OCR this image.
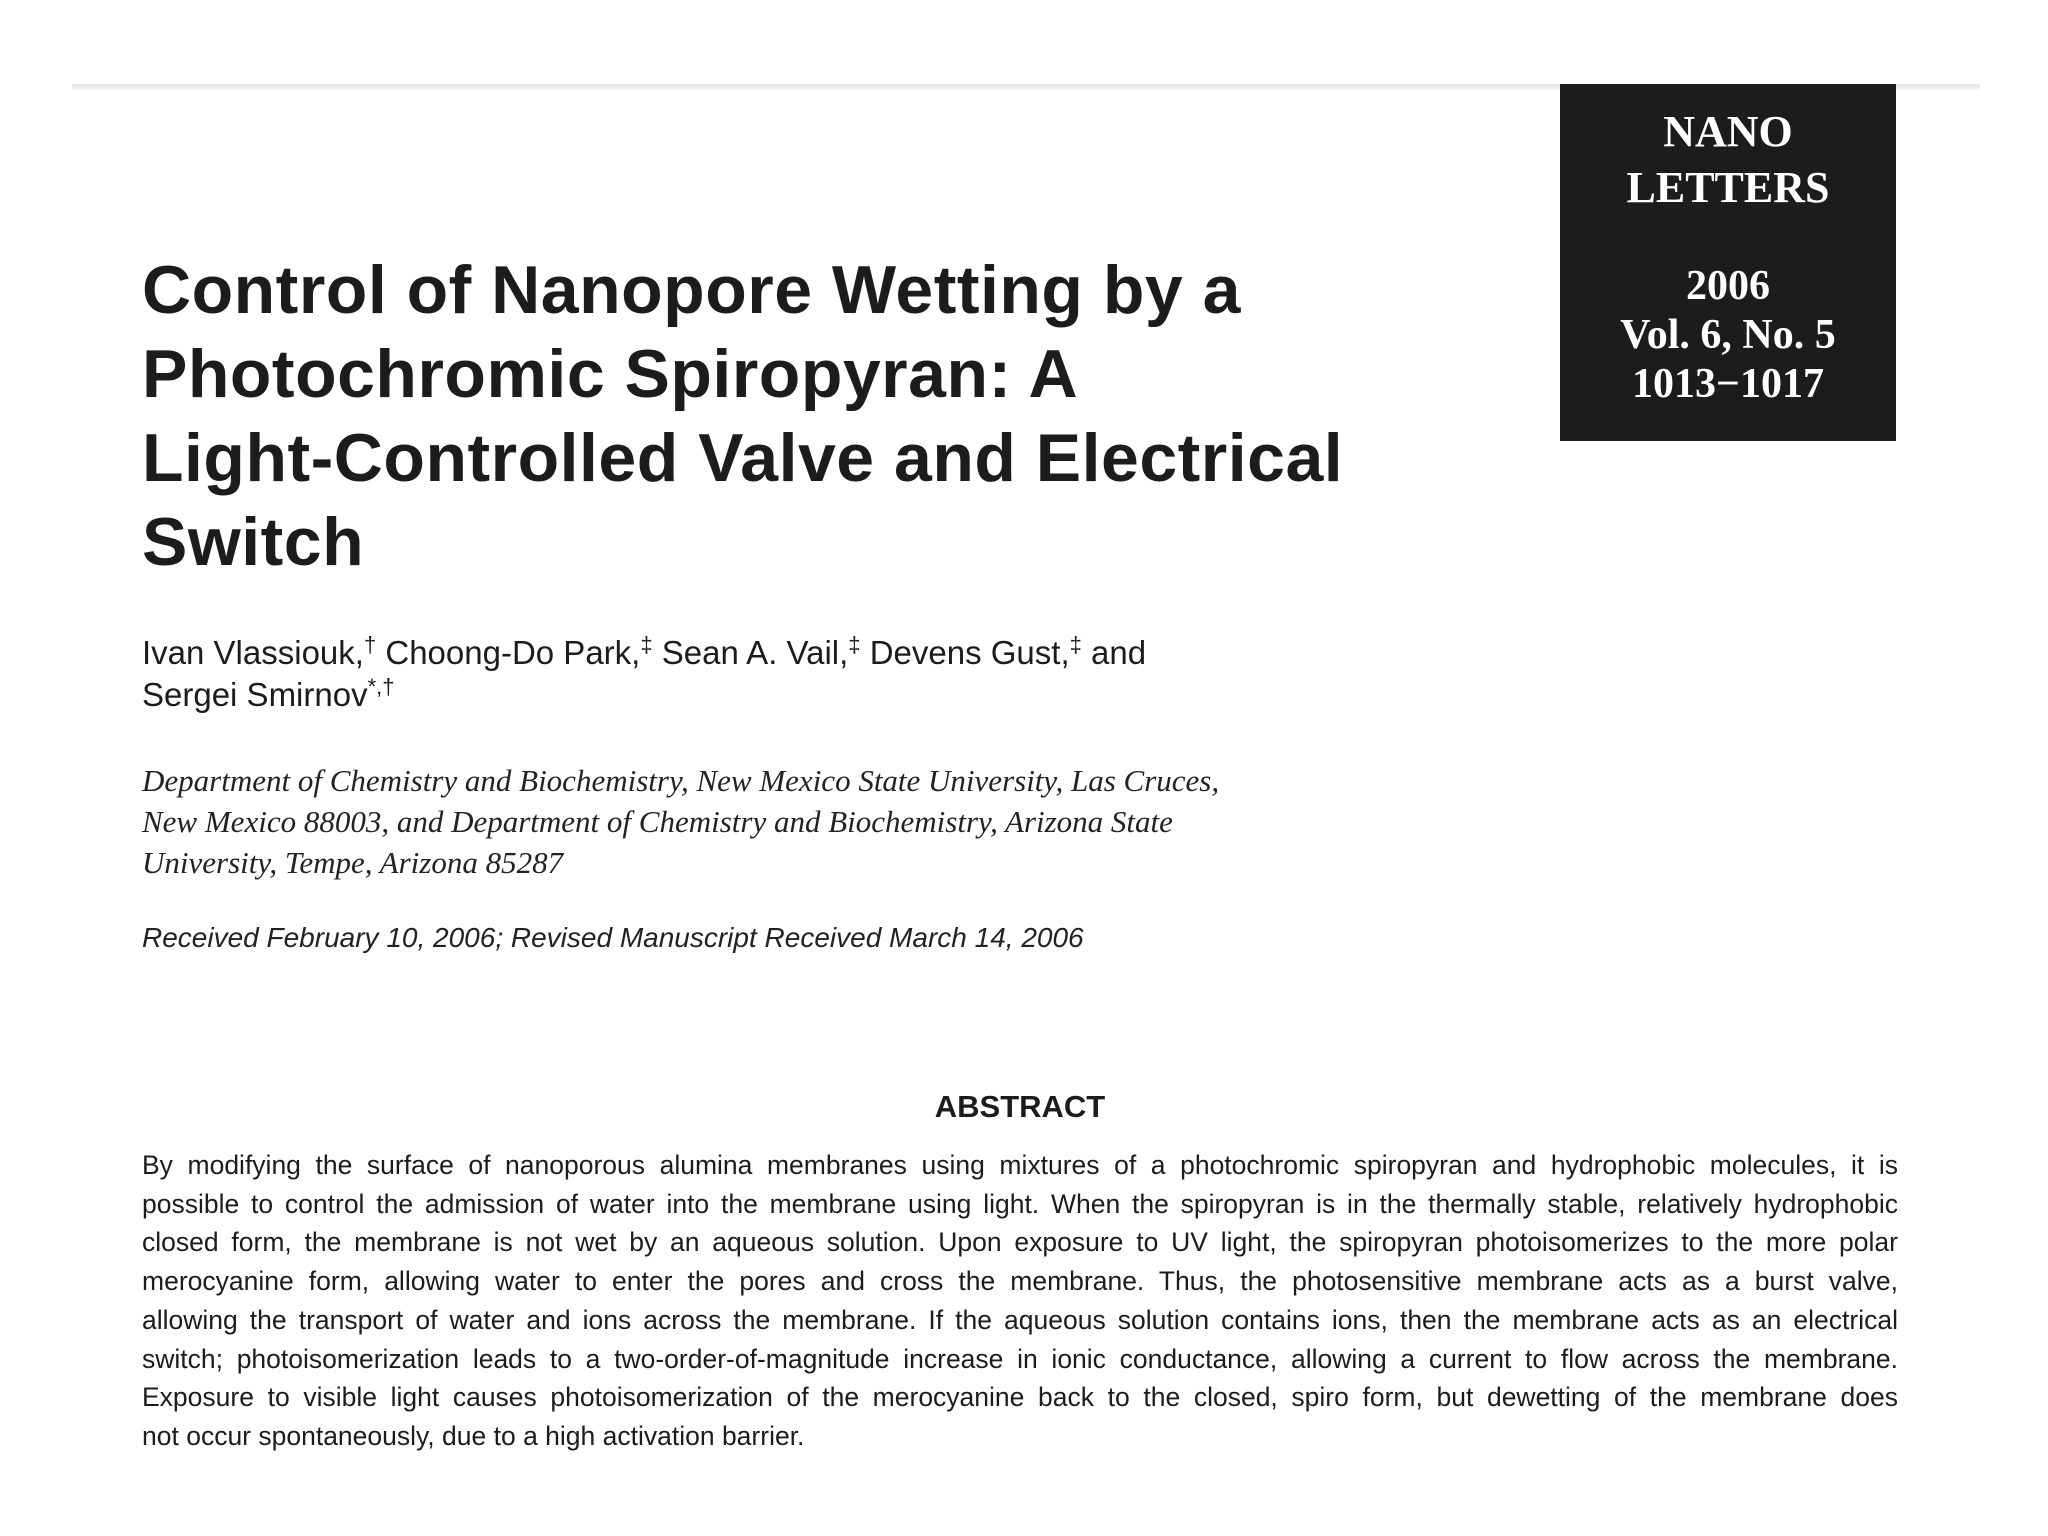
NANO
LETTERS
2006
Vol. 6, No. 5
1013−1017
Control of Nanopore Wetting by a
Photochromic Spiropyran: A
Light-Controlled Valve and Electrical
Switch
Ivan Vlassiouk,† Choong-Do Park,‡ Sean A. Vail,‡ Devens Gust,‡ and
Sergei Smirnov*,†
Department of Chemistry and Biochemistry, New Mexico State University, Las Cruces,
New Mexico 88003, and Department of Chemistry and Biochemistry, Arizona State
University, Tempe, Arizona 85287
Received February 10, 2006; Revised Manuscript Received March 14, 2006
ABSTRACT
By modifying the surface of nanoporous alumina membranes using mixtures of a photochromic spiropyran and hydrophobic molecules, it is
possible to control the admission of water into the membrane using light. When the spiropyran is in the thermally stable, relatively hydrophobic
closed form, the membrane is not wet by an aqueous solution. Upon exposure to UV light, the spiropyran photoisomerizes to the more polar
merocyanine form, allowing water to enter the pores and cross the membrane. Thus, the photosensitive membrane acts as a burst valve,
allowing the transport of water and ions across the membrane. If the aqueous solution contains ions, then the membrane acts as an electrical
switch; photoisomerization leads to a two-order-of-magnitude increase in ionic conductance, allowing a current to flow across the membrane.
Exposure to visible light causes photoisomerization of the merocyanine back to the closed, spiro form, but dewetting of the membrane does
not occur spontaneously, due to a high activation barrier.
